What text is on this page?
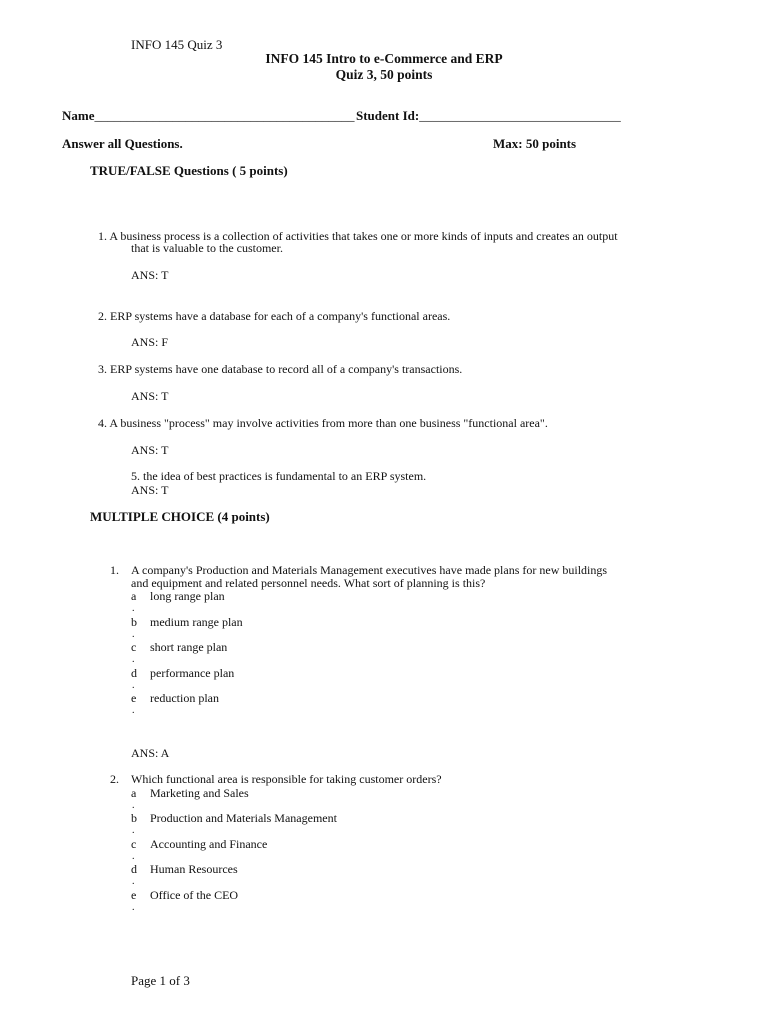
INFO 145 Quiz 3
INFO 145 Intro to e-Commerce and ERP
Quiz 3, 50 points
Name________________________________________ Student Id:_______________________________
Answer all Questions.	Max: 50 points
TRUE/FALSE Questions ( 5 points)
1. A business process is a collection of activities that takes one or more kinds of inputs and creates an output
that is valuable to the customer.
ANS: T
2. ERP systems have a database for each of a company's functional areas.
ANS: F
3. ERP systems have one database to record all of a company's transactions.
ANS: T
4. A business "process" may involve activities from more than one business "functional area".
ANS: T
5. the idea of best practices is fundamental to an ERP system.
ANS: T
MULTIPLE CHOICE (4 points)
1. A company's Production and Materials Management executives have made plans for new buildings
and equipment and related personnel needs. What sort of planning is this?
a long range plan
.
b medium range plan
.
c short range plan
.
d performance plan
.
e reduction plan
.
ANS: A
2. Which functional area is responsible for taking customer orders?
a Marketing and Sales
.
b Production and Materials Management
.
c Accounting and Finance
.
d Human Resources
.
e Office of the CEO
.
Page 1 of 3
